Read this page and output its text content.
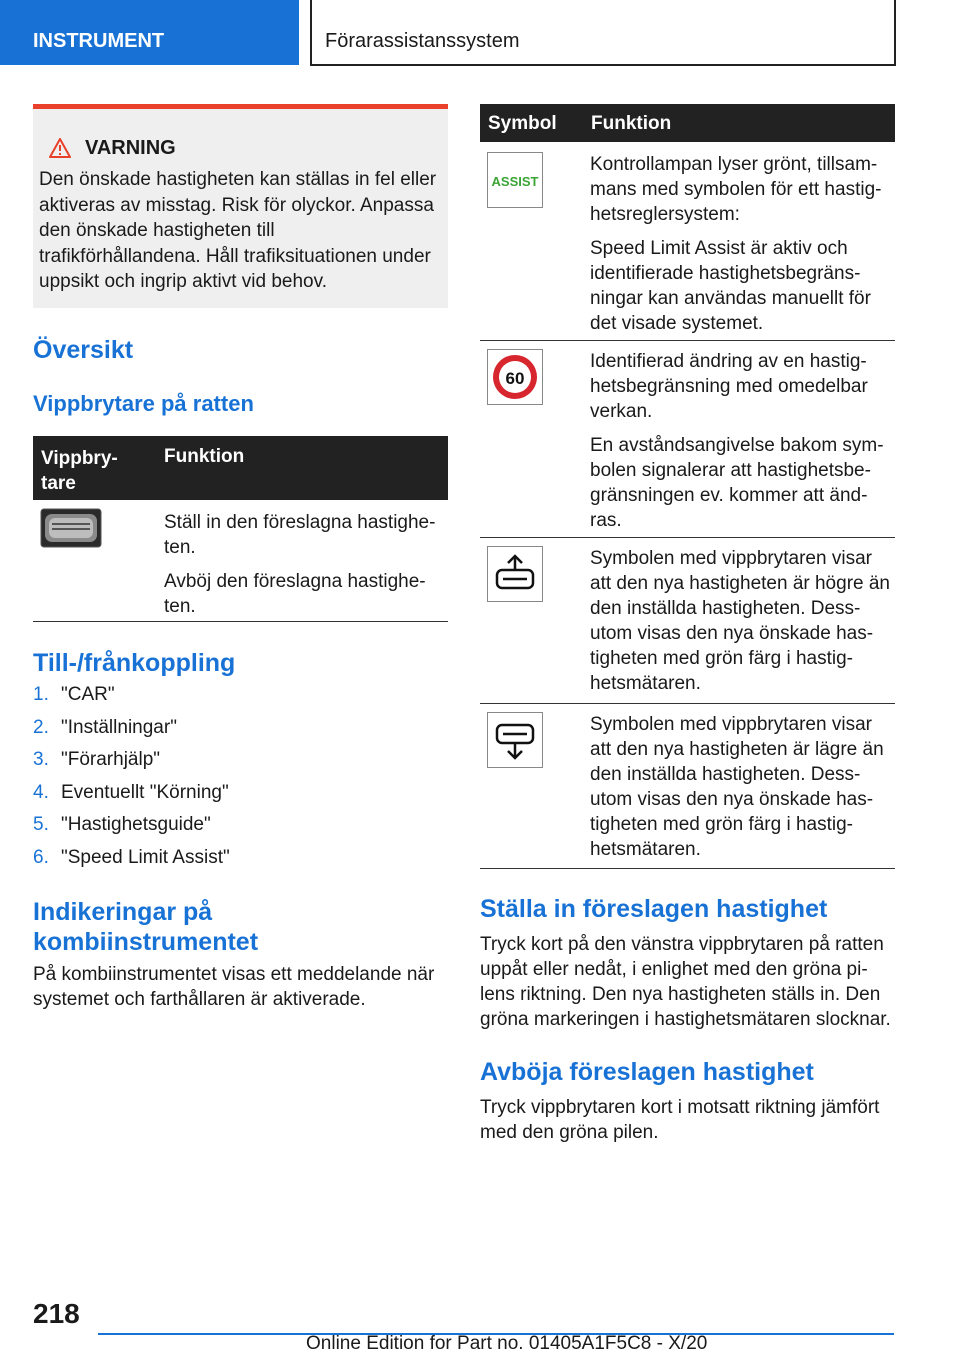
INSTRUMENT	Förarassistanssystem
VARNING
Den önskade hastigheten kan ställas in fel eller aktiveras av misstag. Risk för olyckor. Anpassa den önskade hastigheten till trafikförhållandena. Håll trafiksituationen under uppsikt och ingrip aktivt vid behov.
Översikt
Vippbrytare på ratten
Vippbry-
tare
Funktion

Ställ in den föreslagna hastighe-ten.

Avböj den föreslagna hastighe-ten.

Till-/frånkoppling
1. "CAR"
2. "Inställningar"
3. "Förarhjälp"
4. Eventuellt "Körning"
5. "Hastighetsguide"
6. "Speed Limit Assist"
Indikeringar på
kombiinstrumentet
På kombiinstrumentet visas ett meddelande när systemet och farthållaren är aktiverade.
Symbol Funktion
ASSIST

Kontrollampan lyser grönt, tillsam-mans med symbolen för ett hastig-hetsreglersystem:

Speed Limit Assist är aktiv och identifierade hastighetsbegräns-ningar kan användas manuellt för det visade systemet.

60

Identifierad ändring av en hastig-hetsbegränsning med omedelbar verkan.

En avståndsangivelse bakom sym-bolen signalerar att hastighetsbe-gränsningen ev. kommer att änd-ras.

Symbolen med vippbrytaren visar att den nya hastigheten är högre än den inställda hastigheten. Dess-utom visas den nya önskade has-tigheten med grön färg i hastig-hetsmätaren.

Symbolen med vippbrytaren visar att den nya hastigheten är lägre än den inställda hastigheten. Dess-utom visas den nya önskade has-tigheten med grön färg i hastig-hetsmätaren.

Ställa in föreslagen hastighet
Tryck kort på den vänstra vippbrytaren på ratten uppåt eller nedåt, i enlighet med den gröna pi-lens riktning. Den nya hastigheten ställs in. Den gröna markeringen i hastighetsmätaren slocknar.
Avböja föreslagen hastighet
Tryck vippbrytaren kort i motsatt riktning jämfört med den gröna pilen.
218
Online Edition for Part no. 01405A1F5C8 - X/20
